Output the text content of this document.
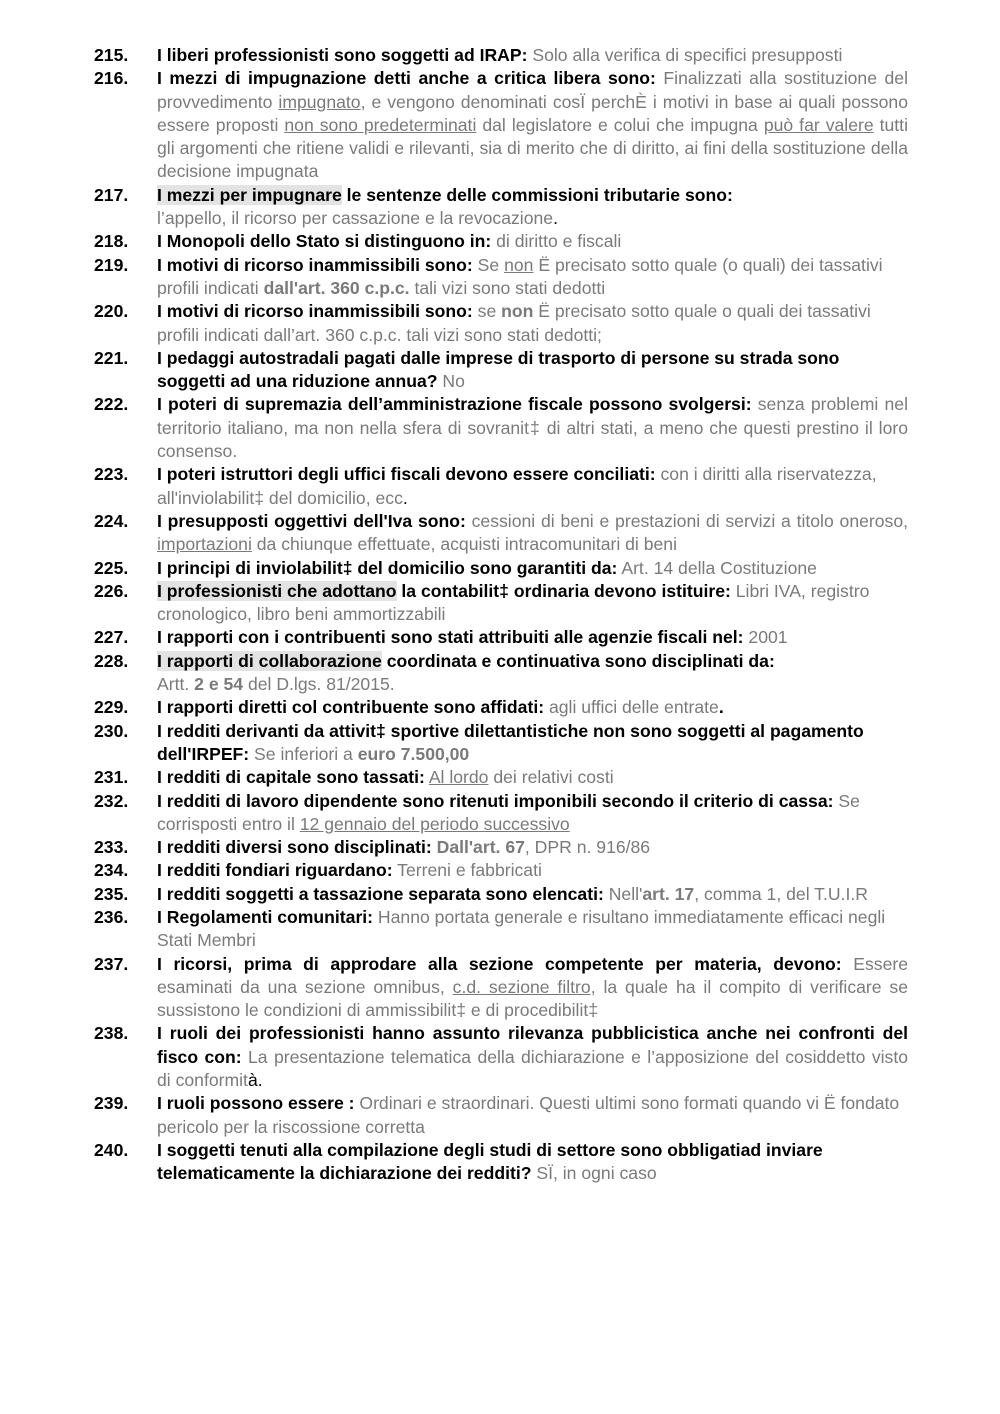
215.	I liberi professionisti sono soggetti ad IRAP: Solo alla verifica di specifici presupposti
216.	I mezzi di impugnazione detti anche a critica libera sono: Finalizzati alla sostituzione del provvedimento impugnato, e vengono denominati cosÏ perchÈ i motivi in base ai quali possono essere proposti non sono predeterminati dal legislatore e colui che impugna può far valere tutti gli argomenti che ritiene validi e rilevanti, sia di merito che di diritto, ai fini della sostituzione della decisione impugnata
217.	I mezzi per impugnare le sentenze delle commissioni tributarie sono:
l’appello, il ricorso per cassazione e la revocazione.
218.	I Monopoli dello Stato si distinguono in: di diritto e fiscali
219.	I motivi di ricorso inammissibili sono: Se non Ë precisato sotto quale (o quali) dei tassativi profili indicati dall'art. 360 c.p.c. tali vizi sono stati dedotti
220.	I motivi di ricorso inammissibili sono: se non Ë precisato sotto quale o quali dei tassativi profili indicati dall’art. 360 c.p.c. tali vizi sono stati dedotti;
221.	I pedaggi autostradali pagati dalle imprese di trasporto di persone su strada sono soggetti ad una riduzione annua? No
222.	I poteri di supremazia dell’amministrazione fiscale possono svolgersi: senza problemi nel territorio italiano, ma non nella sfera di sovranit‡ di altri stati, a meno che questi prestino il loro consenso.
223.	I poteri istruttori degli uffici fiscali devono essere conciliati: con i diritti alla riservatezza, all'inviolabilit‡ del domicilio, ecc.
224.	I presupposti oggettivi dell'Iva sono: cessioni di beni e prestazioni di servizi a titolo oneroso, importazioni da chiunque effettuate, acquisti intracomunitari di beni
225.	I principi di inviolabilit‡ del domicilio sono garantiti da: Art. 14 della Costituzione
226.	I professionisti che adottano la contabilit‡ ordinaria devono istituire: Libri IVA, registro cronologico, libro beni ammortizzabili
227.	I rapporti con i contribuenti sono stati attribuiti alle agenzie fiscali nel: 2001
228.	I rapporti di collaborazione coordinata e continuativa sono disciplinati da:
Artt. 2 e 54 del D.lgs. 81/2015.
229.	I rapporti diretti col contribuente sono affidati: agli uffici delle entrate.
230.	I redditi derivanti da attivit‡ sportive dilettantistiche non sono soggetti al pagamento dell'IRPEF: Se inferiori a euro 7.500,00
231.	I redditi di capitale sono tassati: Al lordo dei relativi costi
232.	I redditi di lavoro dipendente sono ritenuti imponibili secondo il criterio di cassa: Se corrisposti entro il 12 gennaio del periodo successivo
233.	I redditi diversi sono disciplinati: Dall'art. 67, DPR n. 916/86
234.	I redditi fondiari riguardano: Terreni e fabbricati
235.	I redditi soggetti a tassazione separata sono elencati: Nell'art. 17, comma 1, del T.U.I.R
236.	I Regolamenti comunitari: Hanno portata generale e risultano immediatamente efficaci negli Stati Membri
237.	I ricorsi, prima di approdare alla sezione competente per materia, devono: Essere esaminati da una sezione omnibus, c.d. sezione filtro, la quale ha il compito di verificare se sussistono le condizioni di ammissibilit‡ e di procedibilit‡
238.	I ruoli dei professionisti hanno assunto rilevanza pubblicistica anche nei confronti del fisco con: La presentazione telematica della dichiarazione e l’apposizione del cosiddetto visto di conformità.
239.	I ruoli possono essere : Ordinari e straordinari. Questi ultimi sono formati quando vi Ë fondato pericolo per la riscossione corretta
240.	I soggetti tenuti alla compilazione degli studi di settore sono obbligatiad inviare telematicamente la dichiarazione dei redditi? SÏ, in ogni caso
